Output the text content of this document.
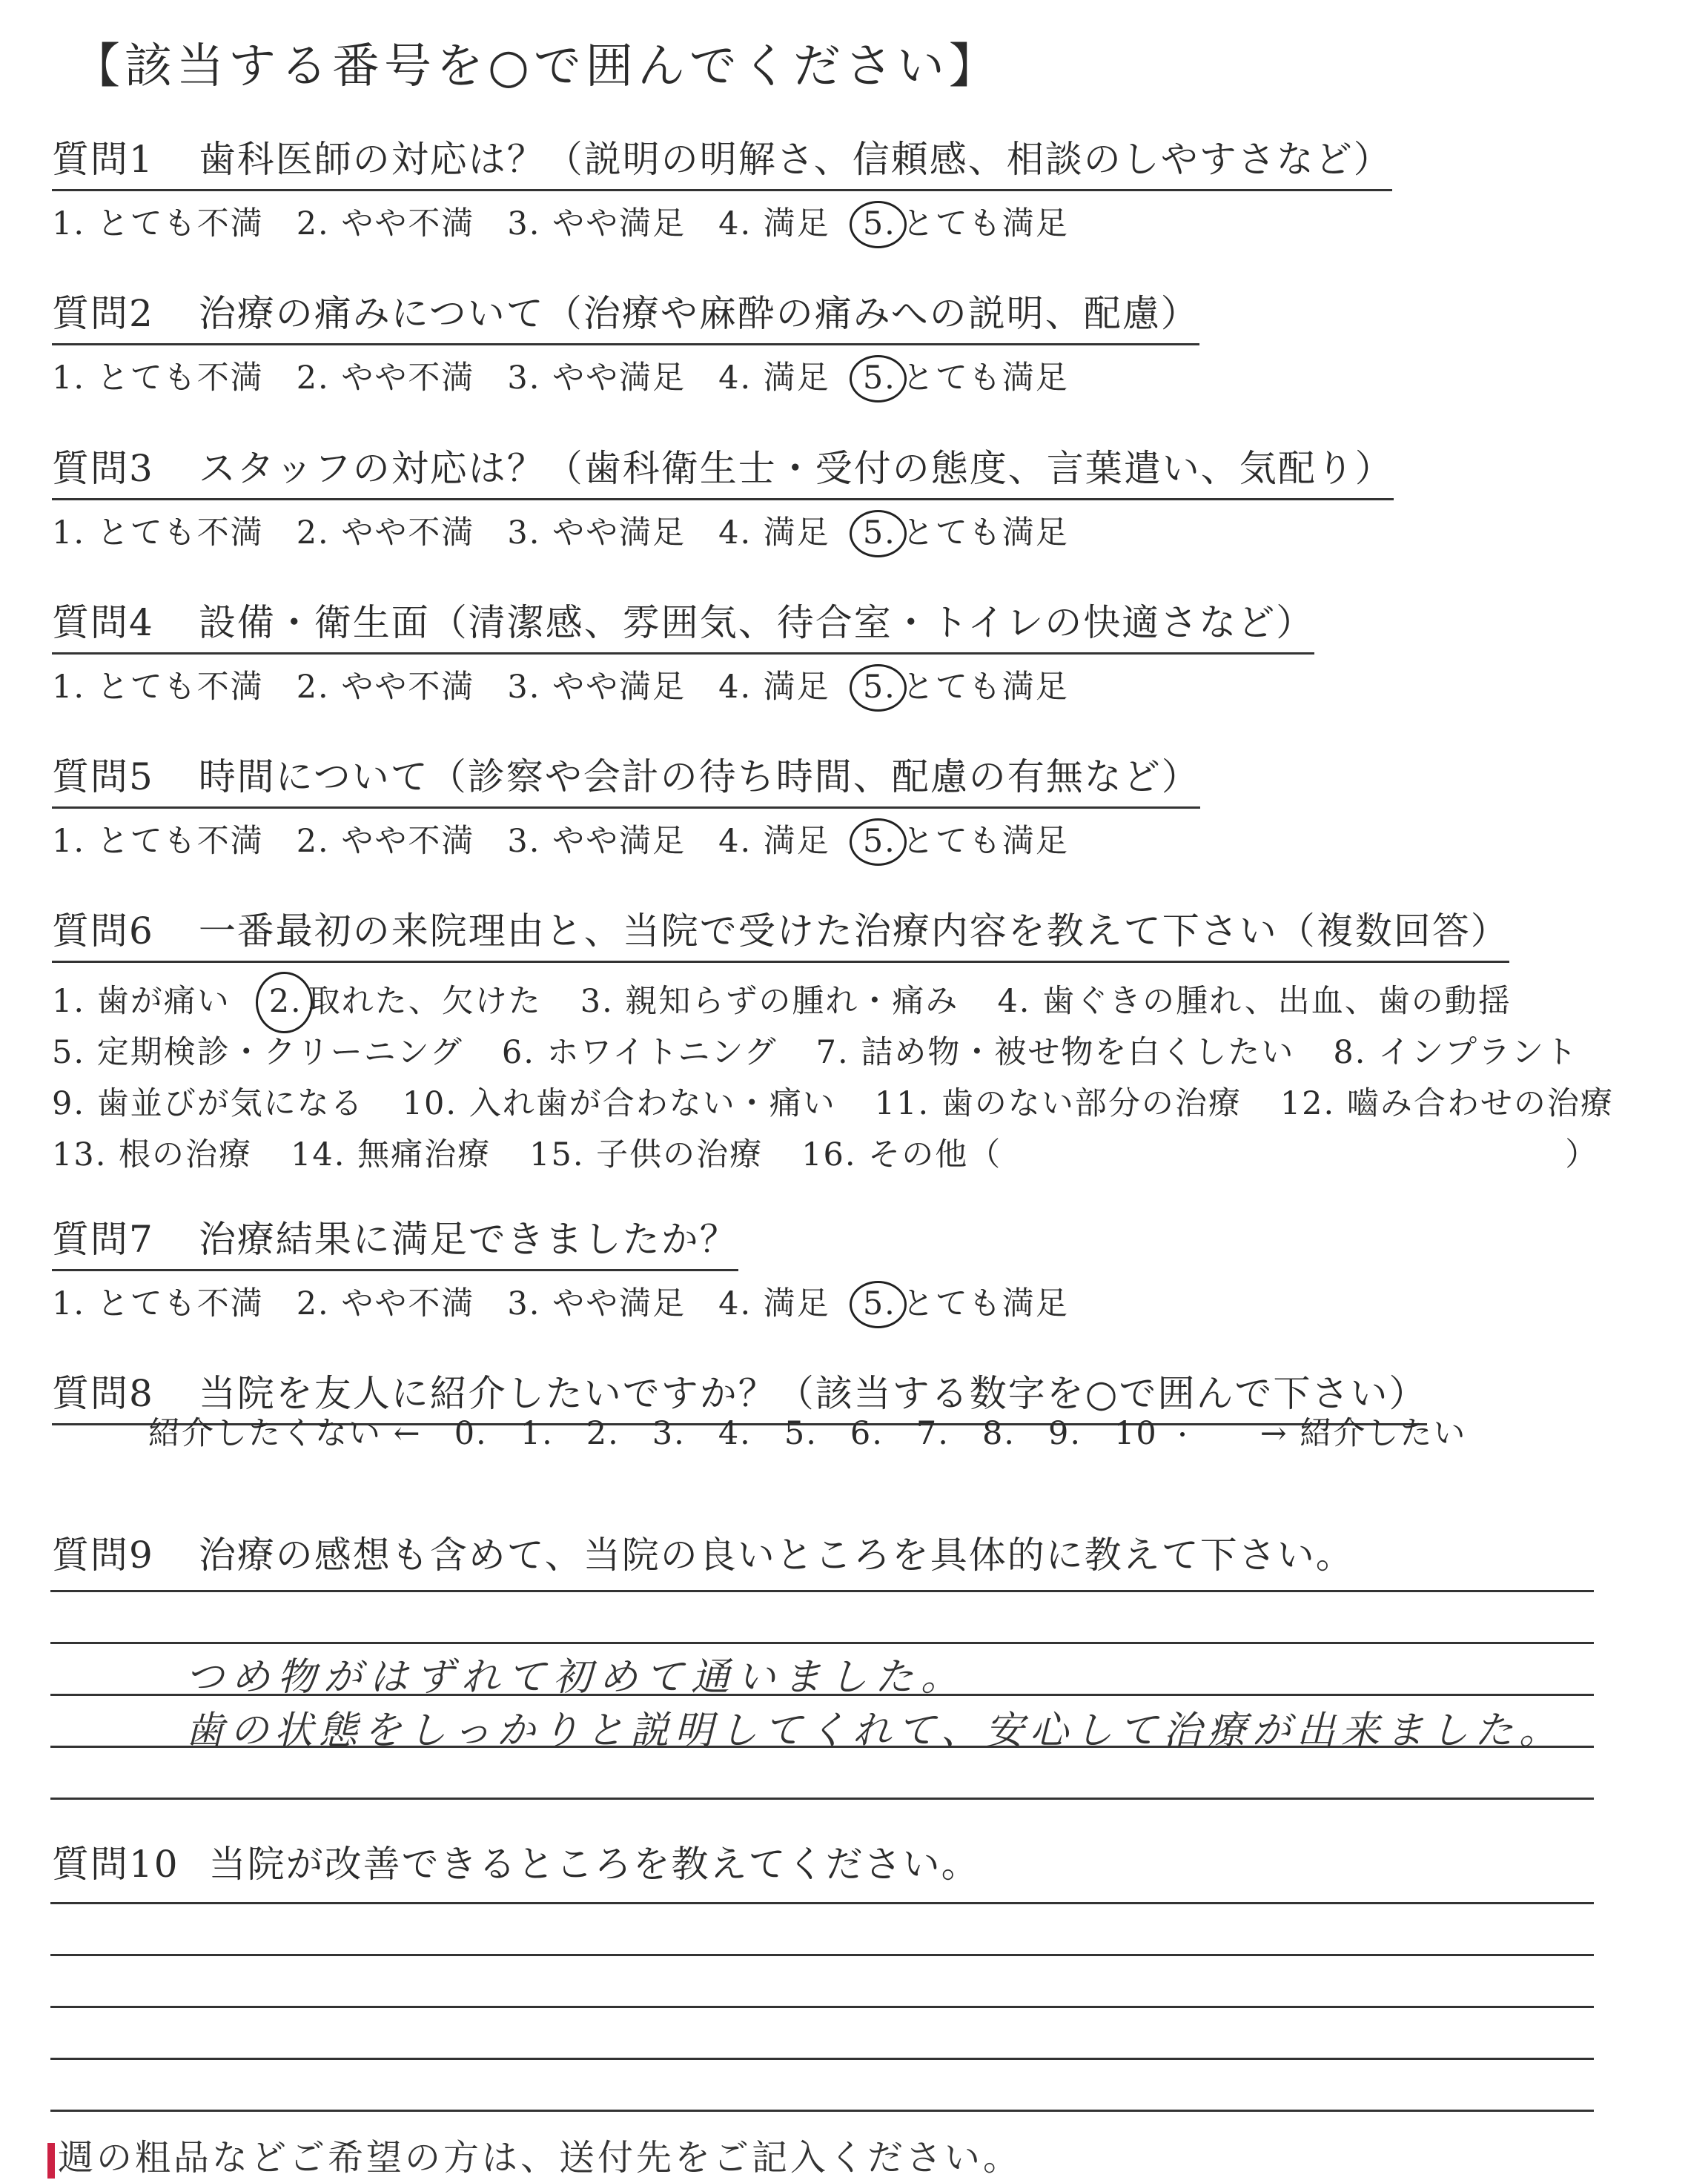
【該当する番号を○で囲んでください】
質問1 歯科医師の対応は？（説明の明解さ、信頼感、相談のしやすさなど）
1. とても不満 2. やや不満 3. やや満足 4. 満足 5. とても満足
質問2 治療の痛みについて（治療や麻酔の痛みへの説明、配慮）
1. とても不満 2. やや不満 3. やや満足 4. 満足 5. とても満足
質問3 スタッフの対応は？（歯科衛生士・受付の態度、言葉遣い、気配り）
1. とても不満 2. やや不満 3. やや満足 4. 満足 5. とても満足
質問4 設備・衛生面（清潔感、雰囲気、待合室・トイレの快適さなど）
1. とても不満 2. やや不満 3. やや満足 4. 満足 5. とても満足
質問5 時間について（診察や会計の待ち時間、配慮の有無など）
1. とても不満 2. やや不満 3. やや満足 4. 満足 5. とても満足
質問6 一番最初の来院理由と、当院で受けた治療内容を教えて下さい（複数回答）
1. 歯が痛い 2. 取れた、欠けた 3. 親知らずの腫れ・痛み 4. 歯ぐきの腫れ、出血、歯の動揺
5. 定期検診・クリーニング 6. ホワイトニング 7. 詰め物・被せ物を白くしたい 8. インプラント
9. 歯並びが気になる 10. 入れ歯が合わない・痛い 11. 歯のない部分の治療 12. 嚙み合わせの治療
13. 根の治療 14. 無痛治療 15. 子供の治療 16. その他（	）
質問7 治療結果に満足できましたか？
1. とても不満 2. やや不満 3. やや満足 4. 満足 5. とても満足
質問8 当院を友人に紹介したいですか？（該当する数字を○で囲んで下さい）
紹介したくない ← 0. 1. 2. 3. 4. 5. 6. 7. 8. 9. 10	→ 紹介したい
質問9 治療の感想も含めて、当院の良いところを具体的に教えて下さい。
つめ物がはずれて初めて通いました。
歯の状態をしっかりと説明してくれて、安心して治療が出来ました。
質問10 当院が改善できるところを教えてください。
週の粗品などご希望の方は、送付先をご記入ください。
